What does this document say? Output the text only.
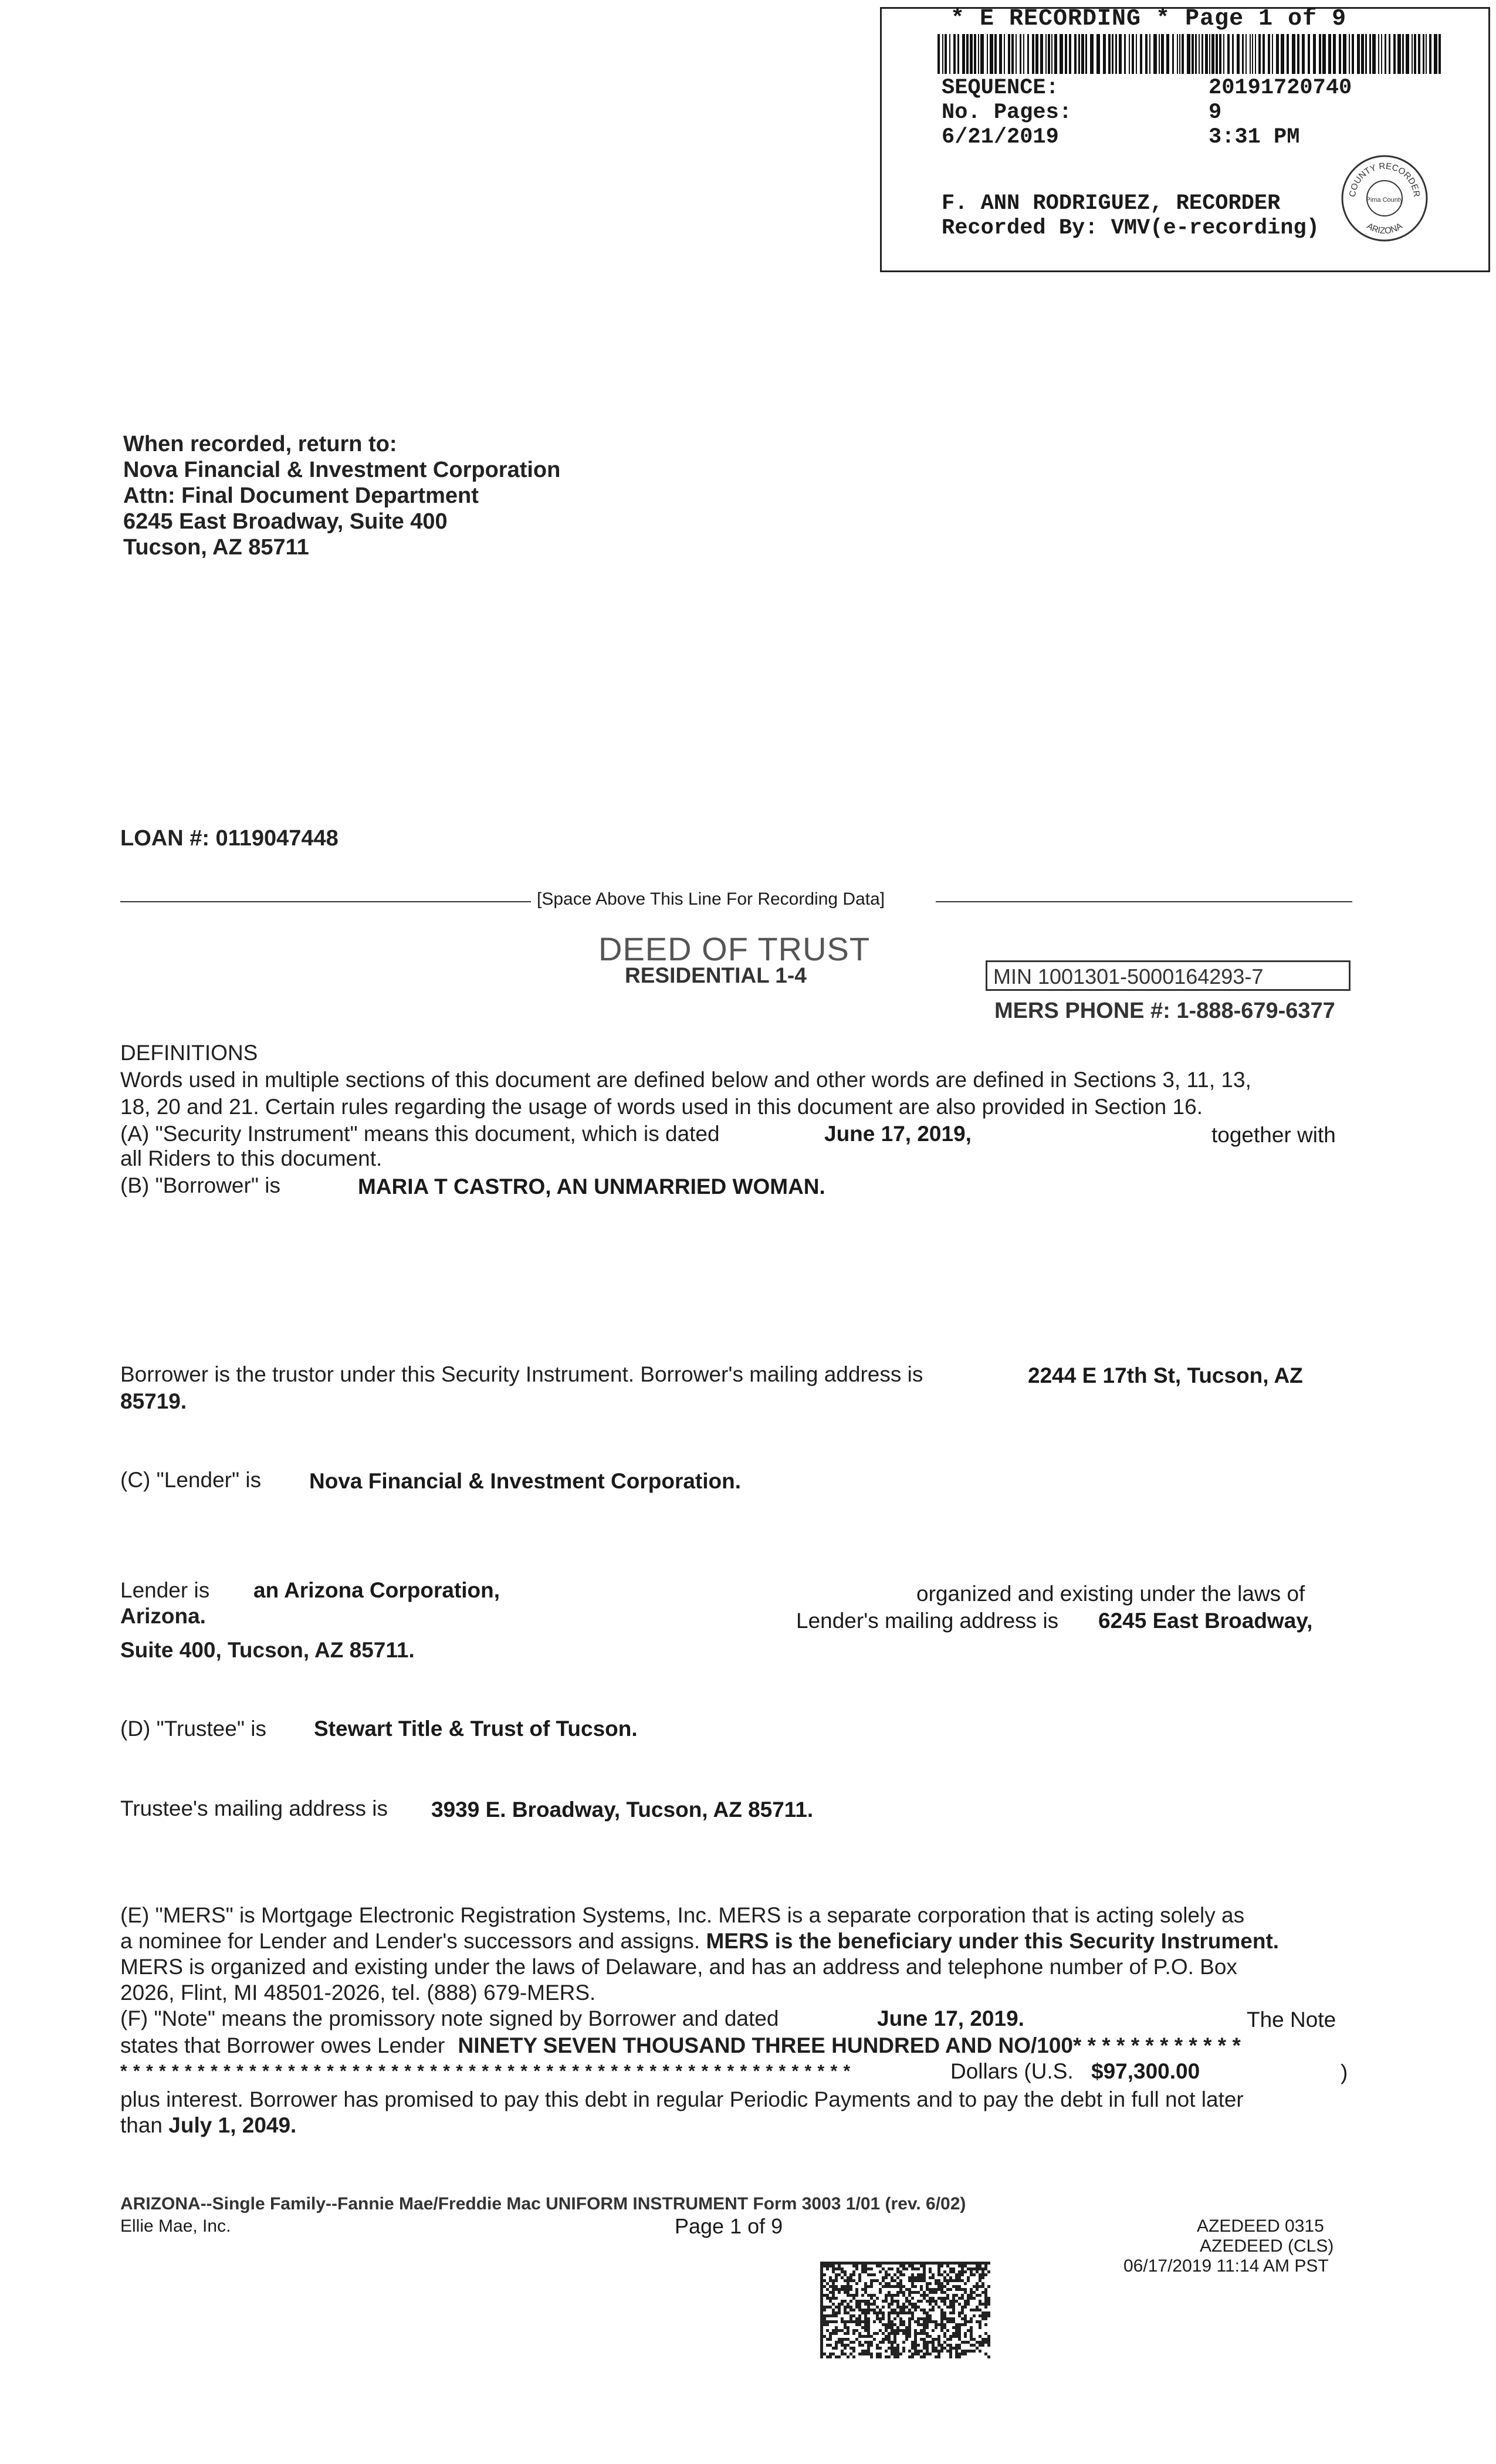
* E RECORDING * Page 1 of 9
SEQUENCE:	20191720740
No. Pages:	9
6/21/2019	3:31 PM
F. ANN RODRIGUEZ, RECORDER
Recorded By: VMV(e-recording)
COUNTY RECORDER
Pima County
ARIZONA
When recorded, return to:
Nova Financial & Investment Corporation
Attn: Final Document Department
6245 East Broadway, Suite 400
Tucson, AZ 85711
LOAN #: 0119047448
[Space Above This Line For Recording Data]
DEED OF TRUST
RESIDENTIAL 1-4	MIN 1001301-5000164293-7
MERS PHONE #: 1-888-679-6377
DEFINITIONS
Words used in multiple sections of this document are defined below and other words are defined in Sections 3, 11, 13,
18, 20 and 21. Certain rules regarding the usage of words used in this document are also provided in Section 16.
(A) "Security Instrument" means this document, which is dated	June 17, 2019,	together with
all Riders to this document.
(B) "Borrower" is	MARIA T CASTRO, AN UNMARRIED WOMAN.
Borrower is the trustor under this Security Instrument. Borrower's mailing address is	2244 E 17th St, Tucson, AZ
85719.
(C) "Lender" is	Nova Financial & Investment Corporation.
Lender is	an Arizona Corporation,	organized and existing under the laws of
Arizona.	Lender's mailing address is 6245 East Broadway,
Suite 400, Tucson, AZ 85711.
(D) "Trustee" is	Stewart Title & Trust of Tucson.
Trustee's mailing address is	3939 E. Broadway, Tucson, AZ 85711.
(E) "MERS" is Mortgage Electronic Registration Systems, Inc. MERS is a separate corporation that is acting solely as
a nominee for Lender and Lender's successors and assigns. MERS is the beneficiary under this Security Instrument.
MERS is organized and existing under the laws of Delaware, and has an address and telephone number of P.O. Box
2026, Flint, MI 48501-2026, tel. (888) 679-MERS.
(F) "Note" means the promissory note signed by Borrower and dated	June 17, 2019.	The Note
states that Borrower owes Lender NINETY SEVEN THOUSAND THREE HUNDRED AND NO/100* * * * * * * * * * * *
* * * * * * * * * * * * * * * * * * * * * * * * * * * * * * * * * * * * * * * * * * * * * * * * * * * * * * * * *	Dollars (U.S. $97,300.00	)
plus interest. Borrower has promised to pay this debt in regular Periodic Payments and to pay the debt in full not later
than July 1, 2049.
ARIZONA--Single Family--Fannie Mae/Freddie Mac UNIFORM INSTRUMENT Form 3003 1/01 (rev. 6/02)
Ellie Mae, Inc.	Page 1 of 9	AZEDEED 0315
AZEDEED (CLS)
06/17/2019 11:14 AM PST
